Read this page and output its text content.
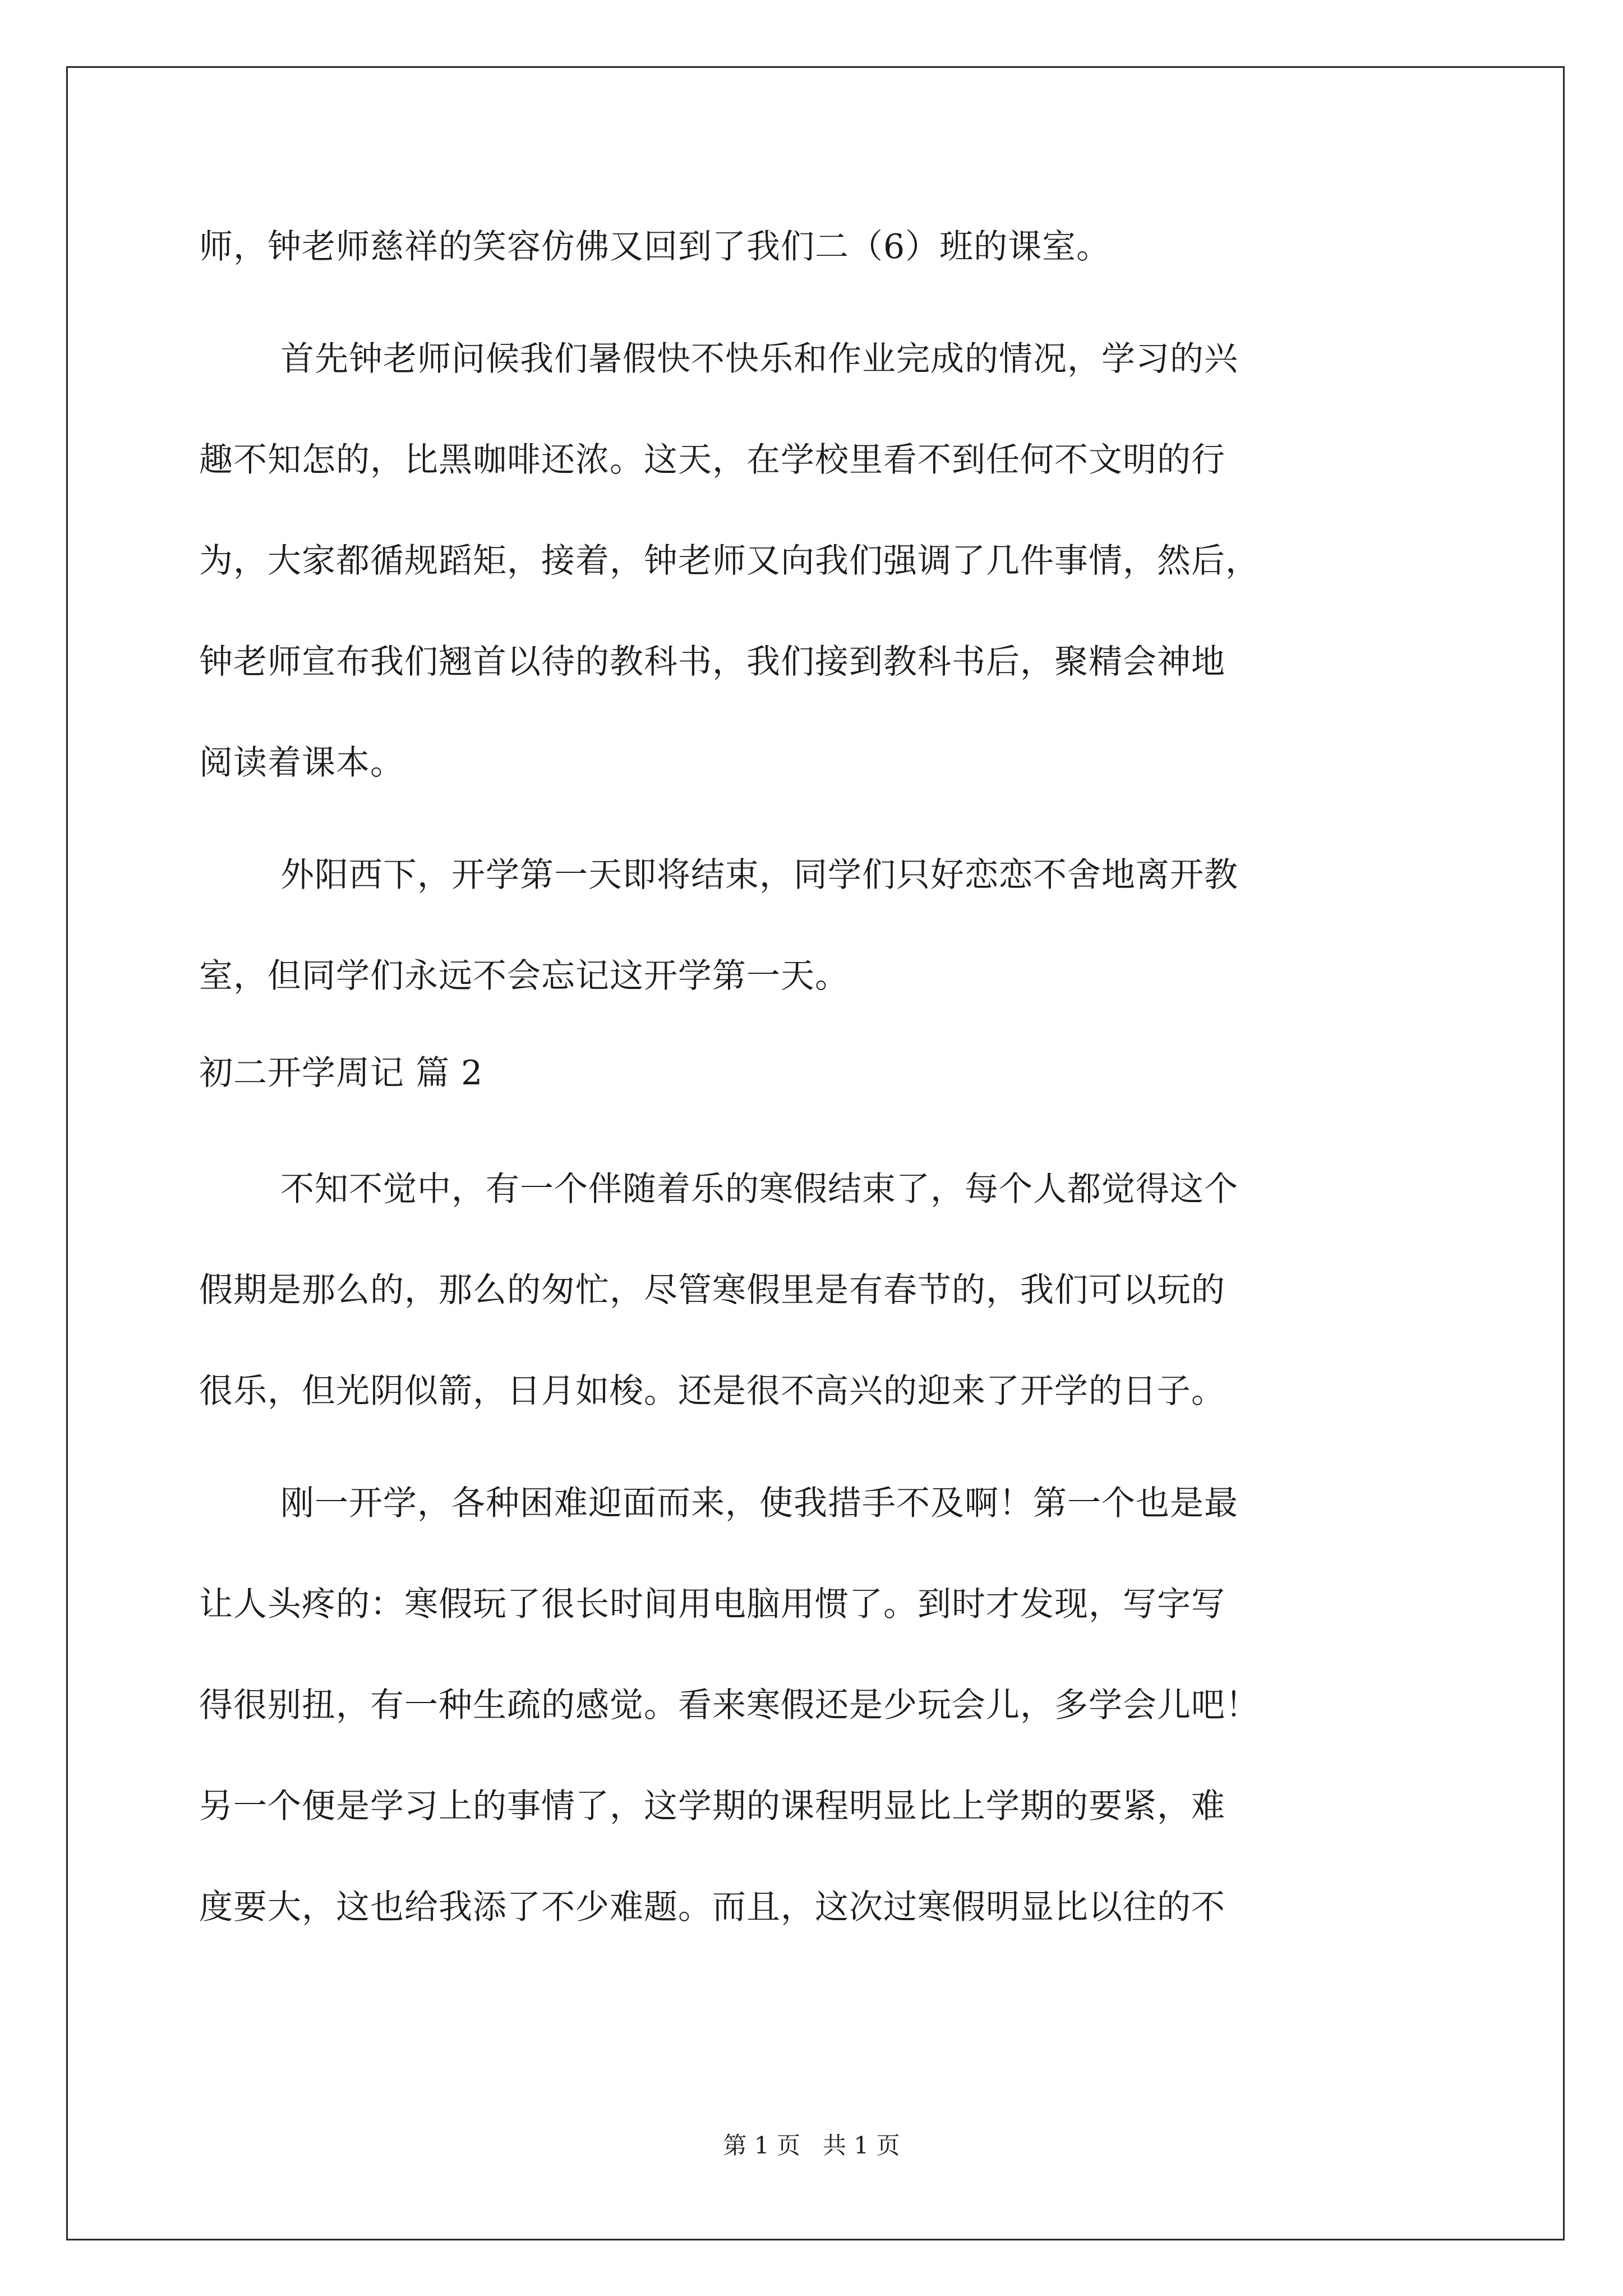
师，钟老师慈祥的笑容仿佛又回到了我们二（6）班的课室。
首先钟老师问候我们暑假快不快乐和作业完成的情况，学习的兴
趣不知怎的，比黑咖啡还浓。这天，在学校里看不到任何不文明的行
为，大家都循规蹈矩，接着，钟老师又向我们强调了几件事情，然后，
钟老师宣布我们翘首以待的教科书，我们接到教科书后，聚精会神地
阅读着课本。
外阳西下，开学第一天即将结束，同学们只好恋恋不舍地离开教
室，但同学们永远不会忘记这开学第一天。
初二开学周记 篇 2
不知不觉中，有一个伴随着乐的寒假结束了，每个人都觉得这个
假期是那么的，那么的匆忙，尽管寒假里是有春节的，我们可以玩的
很乐，但光阴似箭，日月如梭。还是很不高兴的迎来了开学的日子。
刚一开学，各种困难迎面而来，使我措手不及啊！第一个也是最
让人头疼的：寒假玩了很长时间用电脑用惯了。到时才发现，写字写
得很别扭，有一种生疏的感觉。看来寒假还是少玩会儿，多学会儿吧！
另一个便是学习上的事情了，这学期的课程明显比上学期的要紧，难
度要大，这也给我添了不少难题。而且，这次过寒假明显比以往的不
第 1 页   共 1 页
